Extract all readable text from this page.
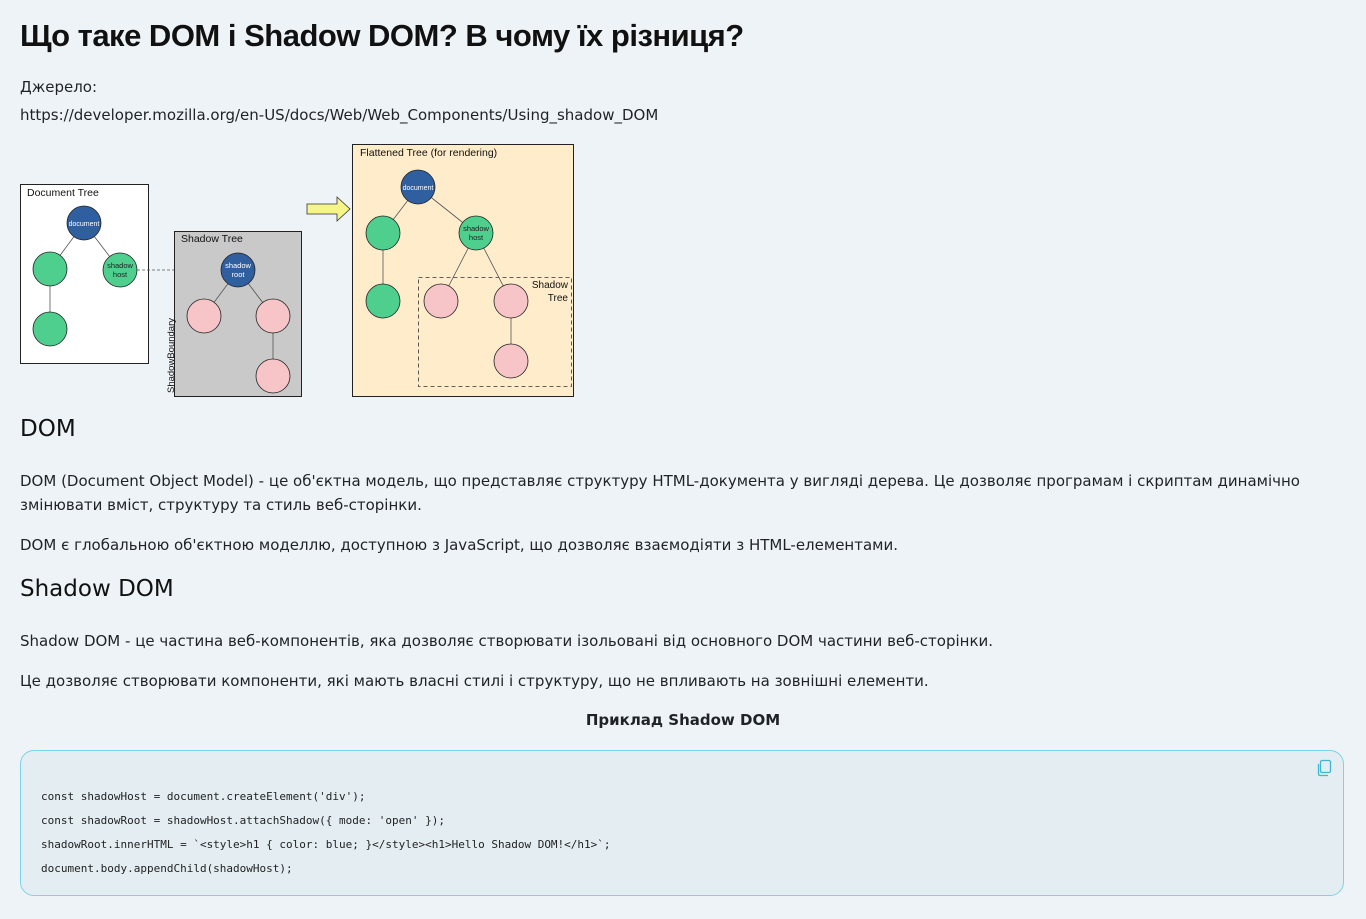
Що таке DOM і Shadow DOM? В чому їх різниця?
Джерело:
https://developer.mozilla.org/en-US/docs/Web/Web_Components/Using_shadow_DOM
Document Tree
document
shadow
host
Shadow Tree
ShadowBoundary
shadow
root
Flattened Tree (for rendering)
Shadow
Tree
document
shadow
host
DOM

DOM (Document Object Model) - це об'єктна модель, що представляє структуру HTML-документа у вигляді дерева. Це дозволяє програмам і скриптам динамічно змінювати вміст, структуру та стиль веб-сторінки.

DOM є глобальною об'єктною моделлю, доступною з JavaScript, що дозволяє взаємодіяти з HTML-елементами.

Shadow DOM

Shadow DOM - це частина веб-компонентів, яка дозволяє створювати ізольовані від основного DOM частини веб-сторінки.

Це дозволяє створювати компоненти, які мають власні стилі і структуру, що не впливають на зовнішні елементи.

Приклад Shadow DOM
const shadowHost = document.createElement('div');
const shadowRoot = shadowHost.attachShadow({ mode: 'open' });
shadowRoot.innerHTML = `<style>h1 { color: blue; }</style><h1>Hello Shadow DOM!</h1>`;
document.body.appendChild(shadowHost);
